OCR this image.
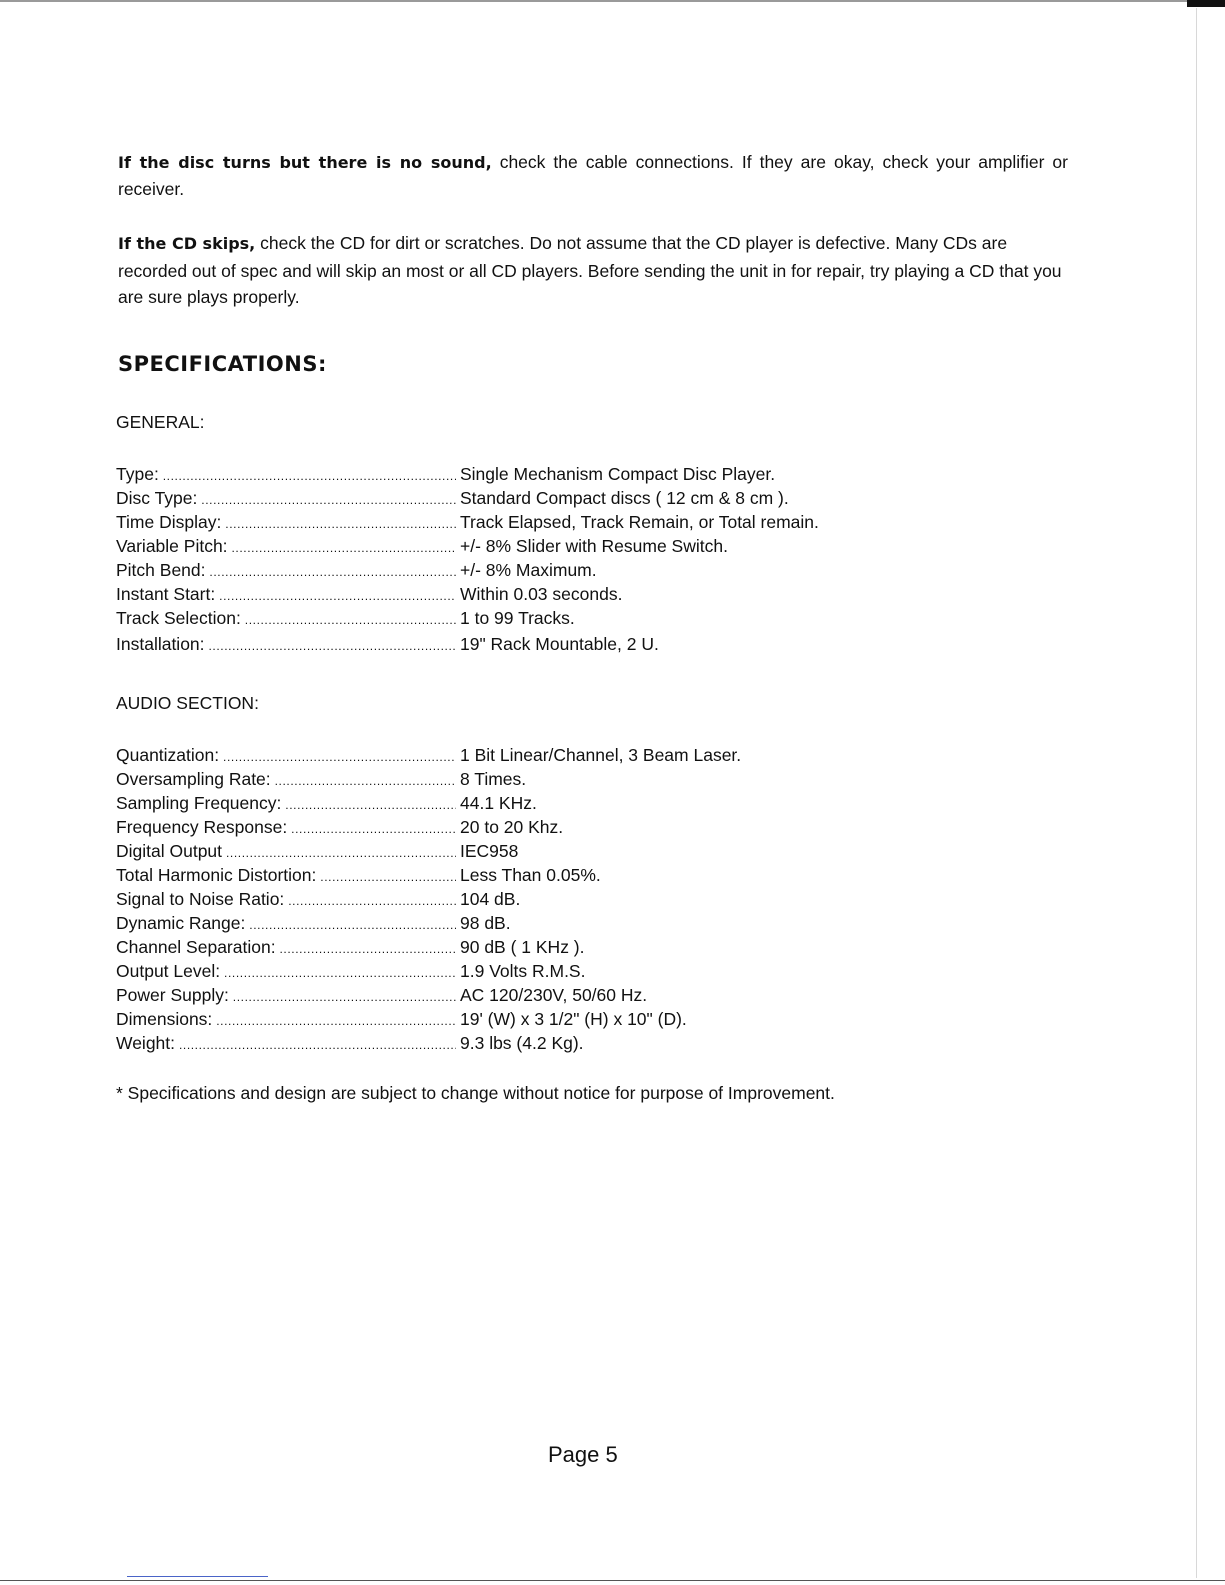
If the disc turns but there is no sound, check the cable connections. If they are okay, check your amplifier or receiver.

If the CD skips, check the CD for dirt or scratches. Do not assume that the CD player is defective. Many CDs are recorded out of spec and will skip an most or all CD players. Before sending the unit in for repair, try playing a CD that you are sure plays properly.

SPECIFICATIONS:

GENERAL:

Type: .....	Single Mechanism Compact Disc Player.
Disc Type: .....	Standard Compact discs ( 12 cm & 8 cm ).
Time Display: .....	Track Elapsed, Track Remain, or Total remain.
Variable Pitch: .....	+/- 8% Slider with Resume Switch.
Pitch Bend: .....	+/- 8% Maximum.
Instant Start: .....	Within 0.03 seconds.
Track Selection: .....	1 to 99 Tracks.
Installation: .....	19" Rack Mountable, 2 U.

AUDIO SECTION:

Quantization: .....	1 Bit Linear/Channel, 3 Beam Laser.
Oversampling Rate: .....	8 Times.
Sampling Frequency: .....	44.1 KHz.
Frequency Response: .....	20 to 20 Khz.
Digital Output .....	IEC958
Total Harmonic Distortion: .....	Less Than 0.05%.
Signal to Noise Ratio: .....	104 dB.
Dynamic Range: .....	98 dB.
Channel Separation: .....	90 dB ( 1 KHz ).
Output Level: .....	1.9 Volts R.M.S.
Power Supply: .....	AC 120/230V, 50/60 Hz.
Dimensions: .....	19' (W) x 3 1/2" (H) x 10" (D).
Weight: .....	9.3 lbs (4.2 Kg).

* Specifications and design are subject to change without notice for purpose of Improvement.

Page 5
